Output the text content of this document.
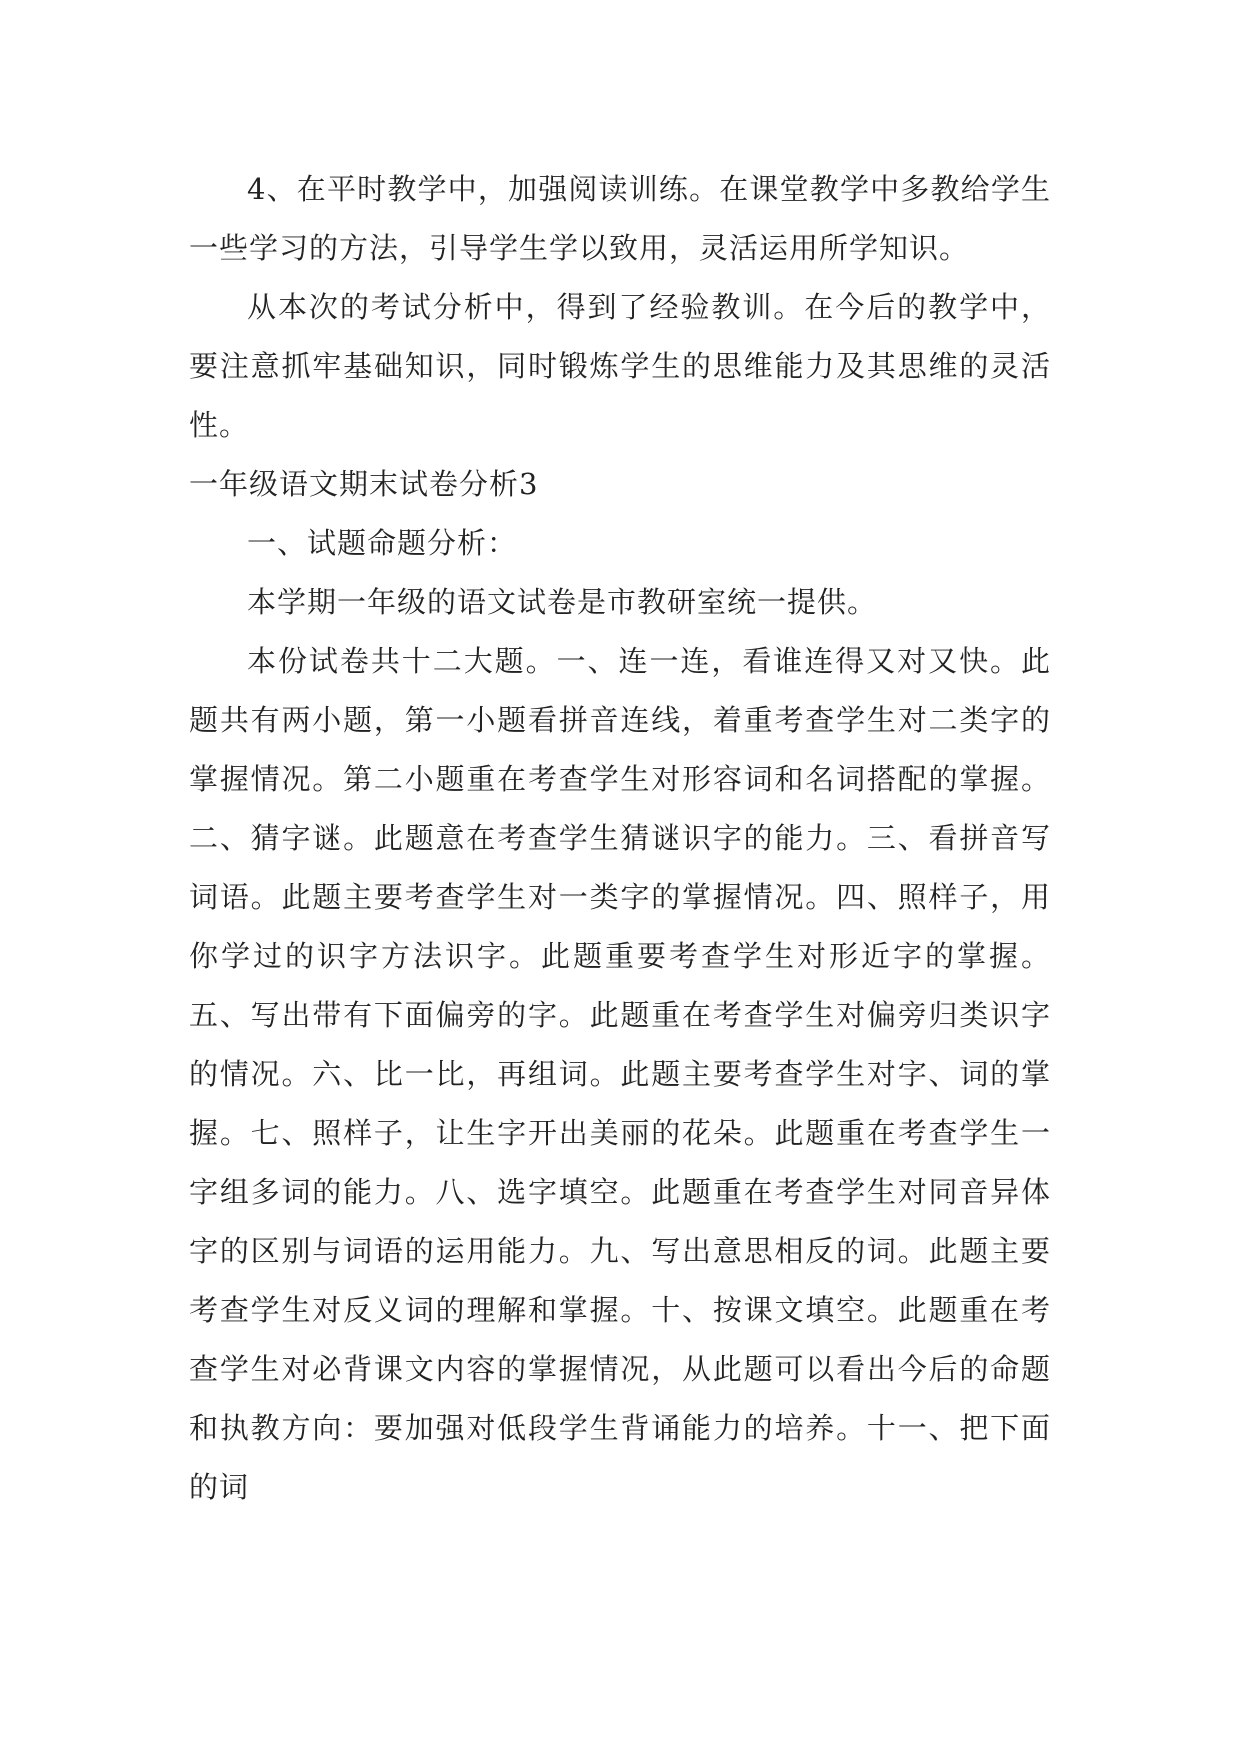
4、在平时教学中，加强阅读训练。在课堂教学中多教给学生一些学习的方法，引导学生学以致用，灵活运用所学知识。

从本次的考试分析中，得到了经验教训。在今后的教学中，要注意抓牢基础知识，同时锻炼学生的思维能力及其思维的灵活性。

一年级语文期末试卷分析3

一、试题命题分析：

本学期一年级的语文试卷是市教研室统一提供。

本份试卷共十二大题。一、连一连，看谁连得又对又快。此题共有两小题，第一小题看拼音连线，着重考查学生对二类字的掌握情况。第二小题重在考查学生对形容词和名词搭配的掌握。二、猜字谜。此题意在考查学生猜谜识字的能力。三、看拼音写词语。此题主要考查学生对一类字的掌握情况。四、照样子，用你学过的识字方法识字。此题重要考查学生对形近字的掌握。五、写出带有下面偏旁的字。此题重在考查学生对偏旁归类识字的情况。六、比一比，再组词。此题主要考查学生对字、词的掌握。七、照样子，让生字开出美丽的花朵。此题重在考查学生一字组多词的能力。八、选字填空。此题重在考查学生对同音异体字的区别与词语的运用能力。九、写出意思相反的词。此题主要考查学生对反义词的理解和掌握。十、按课文填空。此题重在考查学生对必背课文内容的掌握情况，从此题可以看出今后的命题和执教方向：要加强对低段学生背诵能力的培养。十一、把下面的词
